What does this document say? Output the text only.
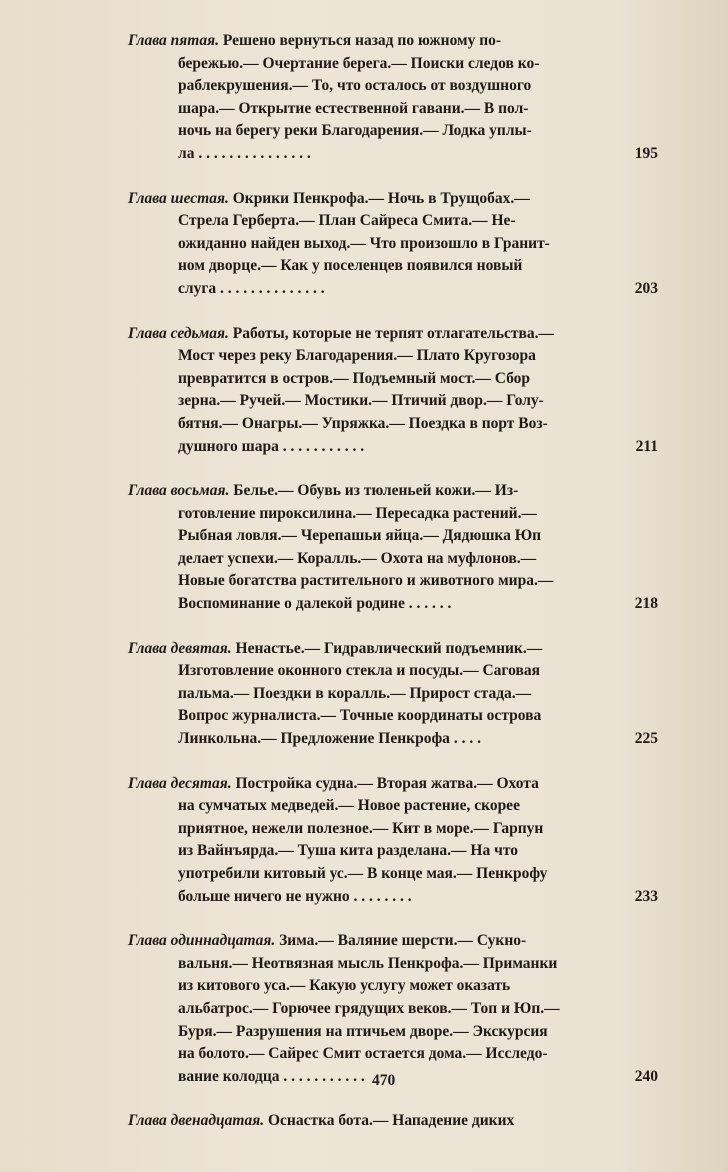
Глава пятая. Решено вернуться назад по южному по-
бережью.— Очертание берега.— Поиски следов ко-
раблекрушения.— То, что осталось от воздушного
шара.— Открытие естественной гавани.— В пол-
ночь на берегу реки Благодарения.— Лодка уплы-
ла . . . . . . . . . . . . . . .	195

Глава шестая. Окрики Пенкрофа.— Ночь в Трущобах.—
Стрела Герберта.— План Сайреса Смита.— Не-
ожиданно найден выход.— Что произошло в Гранит-
ном дворце.— Как у поселенцев появился новый
слуга . . . . . . . . . . . . . .	203

Глава седьмая. Работы, которые не терпят отлагательства.—
Мост через реку Благодарения.— Плато Кругозора
превратится в остров.— Подъемный мост.— Сбор
зерна.— Ручей.— Мостики.— Птичий двор.— Голу-
бятня.— Онагры.— Упряжка.— Поездка в порт Воз-
душного шара . . . . . . . . . . .	211

Глава восьмая. Белье.— Обувь из тюленьей кожи.— Из-
готовление пироксилина.— Пересадка растений.—
Рыбная ловля.— Черепашьи яйца.— Дядюшка Юп
делает успехи.— Коралль.— Охота на муфлонов.—
Новые богатства растительного и животного мира.—
Воспоминание о далекой родине . . . . . .	218

Глава девятая. Ненастье.— Гидравлический подъемник.—
Изготовление оконного стекла и посуды.— Саговая
пальма.— Поездки в коралль.— Прирост стада.—
Вопрос журналиста.— Точные координаты острова
Линкольна.— Предложение Пенкрофа . . . .	225

Глава десятая. Постройка судна.— Вторая жатва.— Охота
на сумчатых медведей.— Новое растение, скорее
приятное, нежели полезное.— Кит в море.— Гарпун
из Вайнъярда.— Туша кита разделана.— На что
употребили китовый ус.— В конце мая.— Пенкрофу
больше ничего не нужно . . . . . . . .	233

Глава одиннадцатая. Зима.— Валяние шерсти.— Сукно-
вальня.— Неотвязная мысль Пенкрофа.— Приманки
из китового уса.— Какую услугу может оказать
альбатрос.— Горючее грядущих веков.— Топ и Юп.—
Буря.— Разрушения на птичьем дворе.— Экскурсия
на болото.— Сайрес Смит остается дома.— Исследо-
вание колодца . . . . . . . . . . .	240

Глава двенадцатая. Оснастка бота.— Нападение диких

470
